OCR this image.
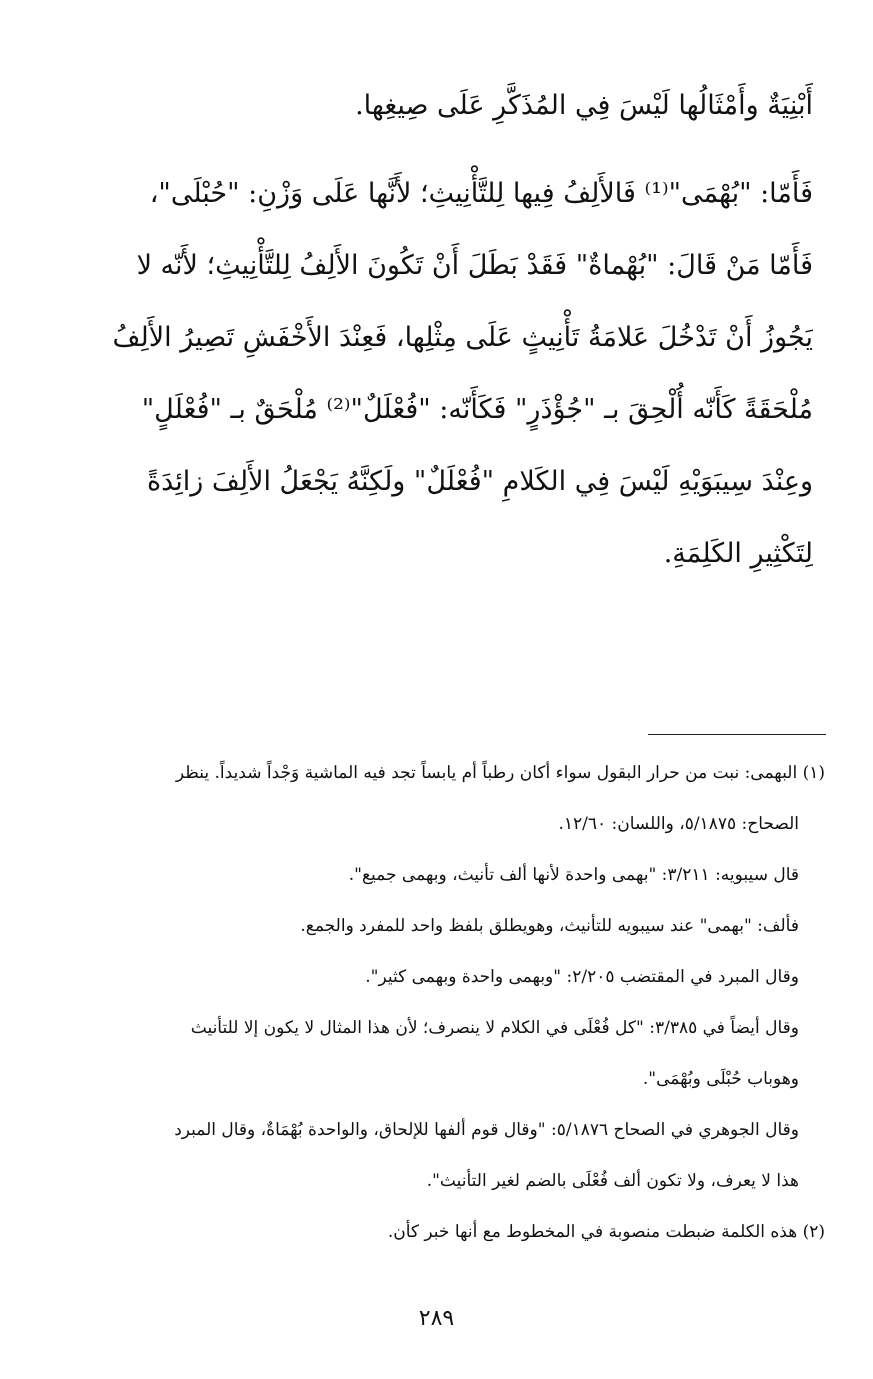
أَبْنِيَةٌ وأَمْثَالُها لَيْسَ فِي المُذَكَّرِ عَلَى صِيغِها.
فَأَمّا: "بُهْمَى"⁽¹⁾ فَالأَلِفُ فِيها لِلتَّأْنِيثِ؛ لأَنَّها عَلَى وَزْنِ: "حُبْلَى"،
فَأَمّا مَنْ قَالَ: "بُهْماةٌ" فَقَدْ بَطَلَ أَنْ تَكُونَ الأَلِفُ لِلتَّأْنِيثِ؛ لأَنّه لا
يَجُوزُ أَنْ تَدْخُلَ عَلامَةُ تَأْنِيثٍ عَلَى مِثْلِها، فَعِنْدَ الأَخْفَشِ تَصِيرُ الأَلِفُ
مُلْحَقَةً كَأَنّه أُلْحِقَ بـ "جُؤْذَرٍ" فَكَأَنّه: "فُعْلَلٌ"⁽²⁾ مُلْحَقٌ بـ "فُعْلَلٍ"
وعِنْدَ سِيبَوَيْهِ لَيْسَ فِي الكَلامِ "فُعْلَلٌ" ولَكِنَّهُ يَجْعَلُ الأَلِفَ زائِدَةً
لِتَكْثِيرِ الكَلِمَةِ.
(١) البهمى: نبت من حرار البقول سواء أكان رطباً أم يابساً تجد فيه الماشية وَجْداً شديداً. ينظر
الصحاح: ٥/١٨٧٥، واللسان: ١٢/٦٠.
قال سيبويه: ٣/٢١١: "بهمى واحدة لأنها ألف تأنيث، وبهمى جميع".
فألف: "بهمى" عند سيبويه للتأنيث، وهويطلق بلفظ واحد للمفرد والجمع.
وقال المبرد في المقتضب ٢/٢٠٥: "وبهمى واحدة وبهمى كثير".
وقال أيضاً في ٣/٣٨٥: "كل فُعْلَى في الكلام لا ينصرف؛ لأن هذا المثال لا يكون إلا للتأنيث
وهوباب حُبْلَى وبُهْمَى".
وقال الجوهري في الصحاح ٥/١٨٧٦: "وقال قوم ألفها للإلحاق، والواحدة بُهْمَاةٌ، وقال المبرد
هذا لا يعرف، ولا تكون ألف فُعْلَى بالضم لغير التأنيث".
(٢) هذه الكلمة ضبطت منصوبة في المخطوط مع أنها خبر كأن.
٢٨٩
